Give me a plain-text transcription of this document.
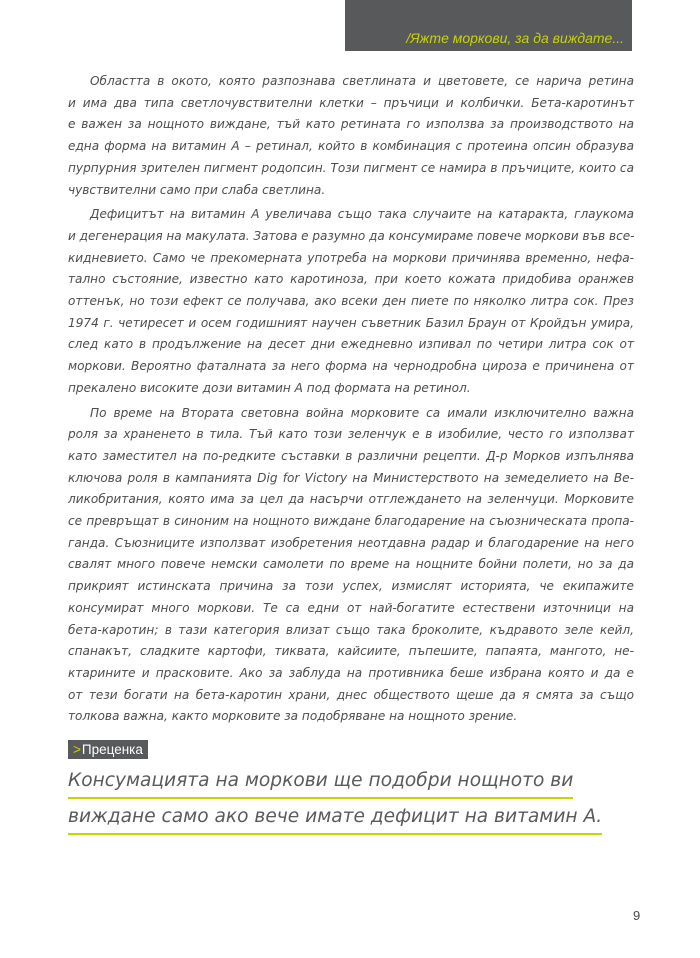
/Яжте моркови, за да виждате...
Областта в окото, която разпознава светлината и цветовете, се нарича ретина
и има два типа светлочувствителни клетки – пръчици и колбички. Бета-каротинът
е важен за нощното виждане, тъй като ретината го използва за производството на
една форма на витамин А – ретинал, който в комбинация с протеина опсин образува
пурпурния зрителен пигмент родопсин. Този пигмент се намира в пръчиците, които са
чувствителни само при слаба светлина.
Дефицитът на витамин А увеличава също така случаите на катаракта, глаукома
и дегенерация на макулата. Затова е разумно да консумираме повече моркови във все-
кидневието. Само че прекомерната употреба на моркови причинява временно, нефа-
тално състояние, известно като каротиноза, при което кожата придобива оранжев
оттенък, но този ефект се получава, ако всеки ден пиете по няколко литра сок. През
1974 г. четиресет и осем годишният научен съветник Базил Браун от Кройдън умира,
след като в продължение на десет дни ежедневно изпивал по четири литра сок от
моркови. Вероятно фаталната за него форма на чернодробна цироза е причинена от
прекалено високите дози витамин А под формата на ретинол.
По време на Втората световна война морковите са имали изключително важна
роля за храненето в тила. Тъй като този зеленчук е в изобилие, често го използват
като заместител на по-редките съставки в различни рецепти. Д-р Морков изпълнява
ключова роля в кампанията Dig for Victory на Министерството на земеделието на Ве-
ликобритания, която има за цел да насърчи отглеждането на зеленчуци. Морковите
се превръщат в синоним на нощното виждане благодарение на съюзническата пропа-
ганда. Съюзниците използват изобретения неотдавна радар и благодарение на него
свалят много повече немски самолети по време на нощните бойни полети, но за да
прикрият истинската причина за този успех, измислят историята, че екипажите
консумират много моркови. Те са едни от най-богатите естествени източници на
бета-каротин; в тази категория влизат също така броколите, къдравото зеле кейл,
спанакът, сладките картофи, тиквата, кайсиите, пъпешите, папаята, мангото, не-
ктарините и прасковите. Ако за заблуда на противника беше избрана която и да е
от тези богати на бета-каротин храни, днес обществото щеше да я смята за също
толкова важна, както морковите за подобряване на нощното зрение.
>Преценка
Консумацията на моркови ще подобри нощното ви
виждане само ако вече имате дефицит на витамин А.
9
